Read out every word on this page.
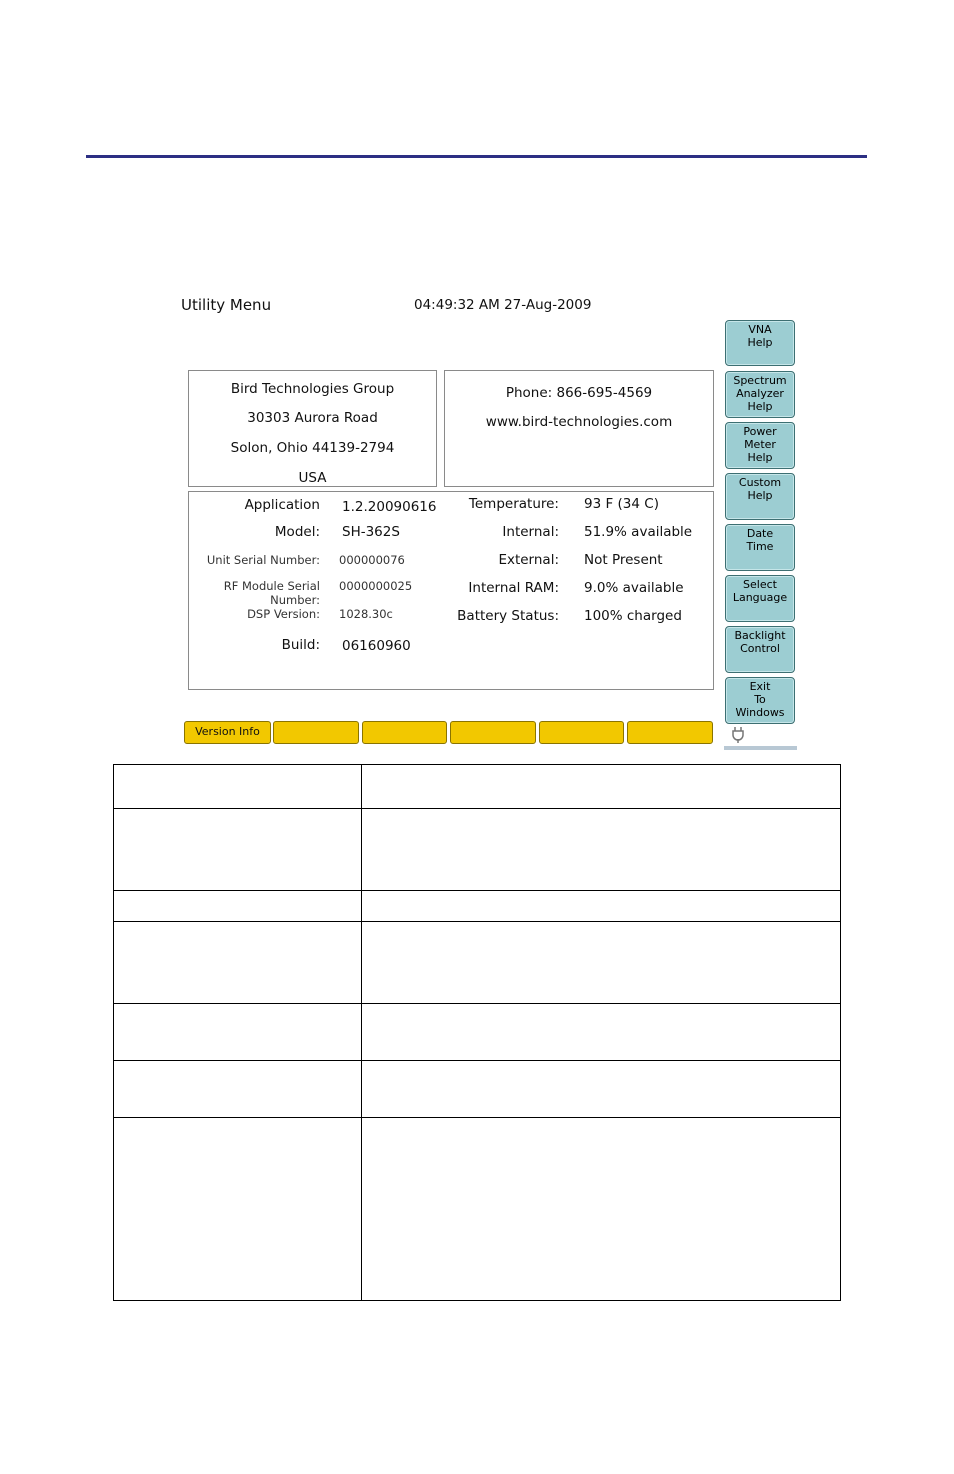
Utility Menu	04:49:32 AM 27-Aug-2009
Bird Technologies Group
30303 Aurora Road
Solon, Ohio 44139-2794
USA
Phone: 866-695-4569
www.bird-technologies.com
Application 1.2.20090616
Model: SH-362S
Unit Serial Number: 000000076
RF Module Serial Number:
0000000025
DSP Version: 1028.30c
Build: 06160960
Temperature: 93 F (34 C)
Internal: 51.9% available
External: Not Present
Internal RAM: 9.0% available
Battery Status: 100% charged
VNA
Help
Spectrum
Analyzer
Help
Power
Meter
Help
Custom
Help
Date
Time
Select
Language
Backlight
Control
Exit
To
Windows
Version Info
